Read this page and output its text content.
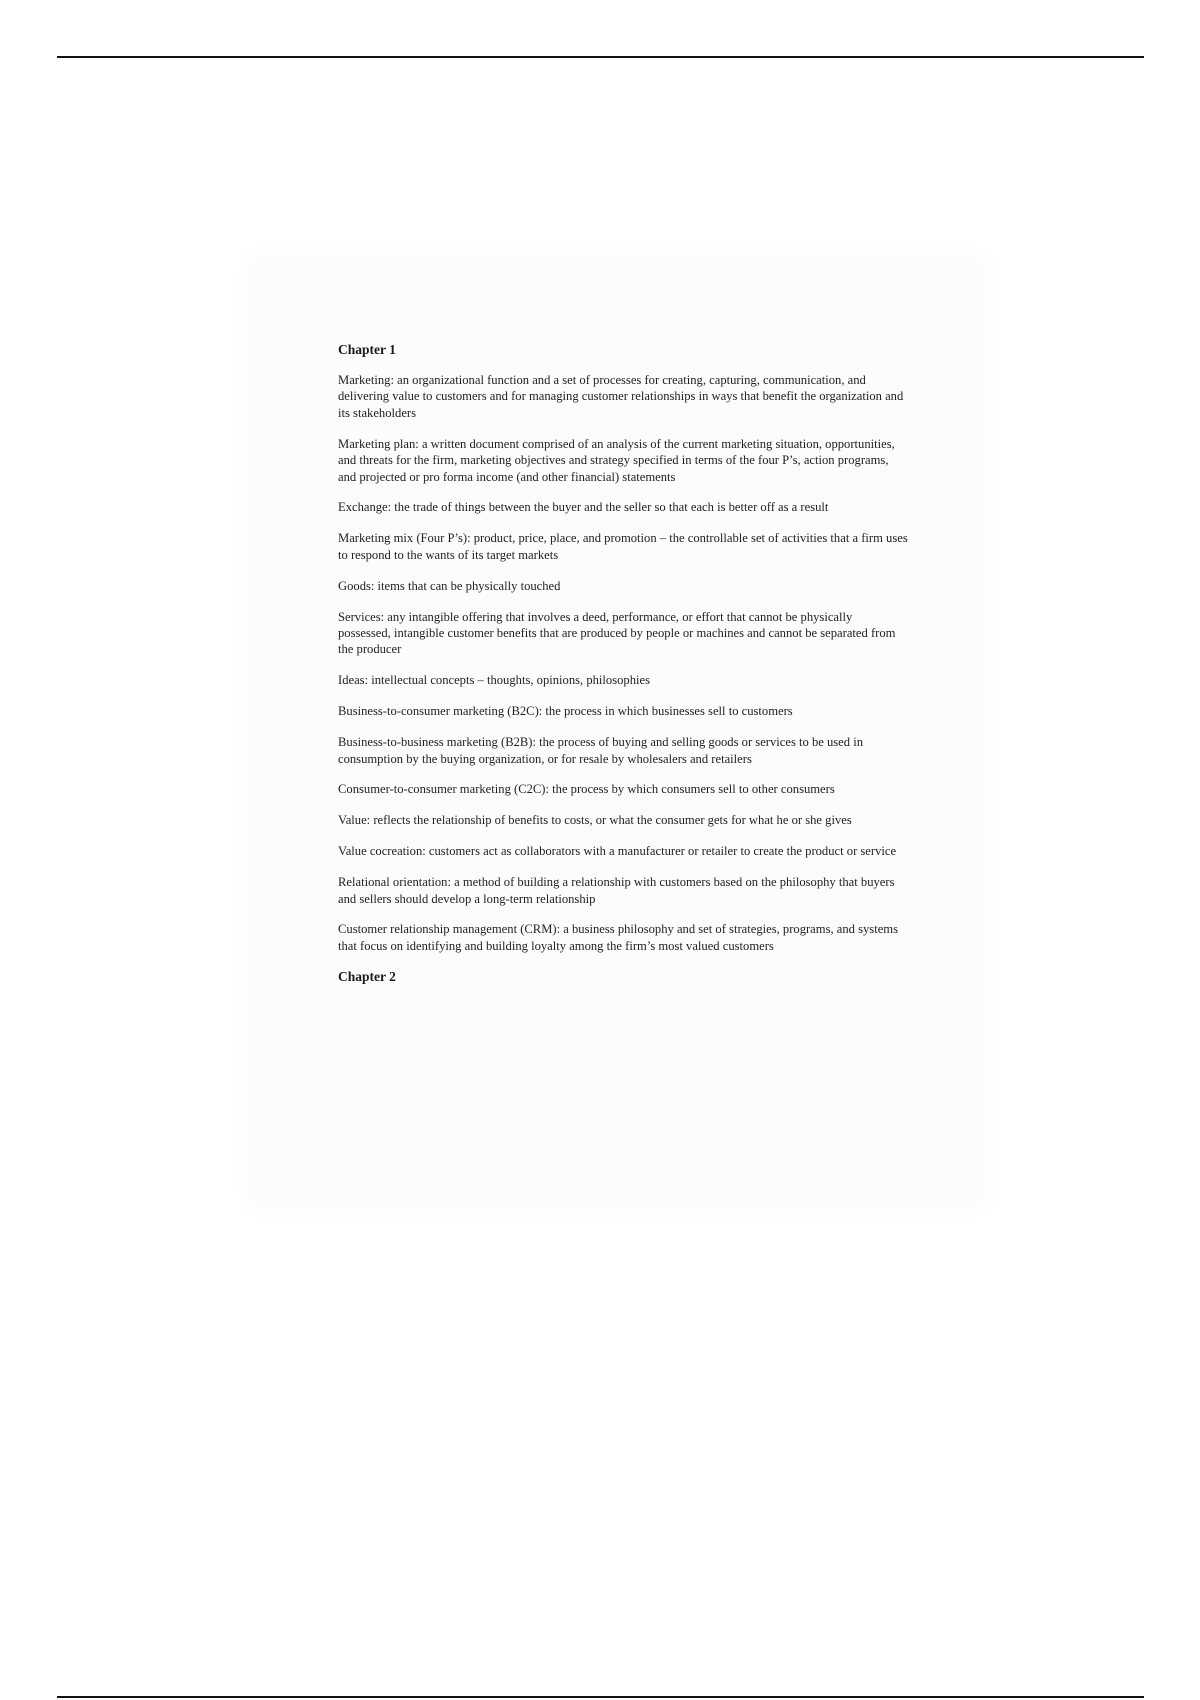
Chapter 1

Marketing: an organizational function and a set of processes for creating, capturing, communication, and delivering value to customers and for managing customer relationships in ways that benefit the organization and its stakeholders

Marketing plan: a written document comprised of an analysis of the current marketing situation, opportunities, and threats for the firm, marketing objectives and strategy specified in terms of the four P’s, action programs, and projected or pro forma income (and other financial) statements

Exchange: the trade of things between the buyer and the seller so that each is better off as a result

Marketing mix (Four P’s): product, price, place, and promotion – the controllable set of activities that a firm uses to respond to the wants of its target markets

Goods: items that can be physically touched

Services: any intangible offering that involves a deed, performance, or effort that cannot be physically possessed, intangible customer benefits that are produced by people or machines and cannot be separated from the producer

Ideas: intellectual concepts – thoughts, opinions, philosophies

Business-to-consumer marketing (B2C): the process in which businesses sell to customers

Business-to-business marketing (B2B): the process of buying and selling goods or services to be used in consumption by the buying organization, or for resale by wholesalers and retailers

Consumer-to-consumer marketing (C2C): the process by which consumers sell to other consumers

Value: reflects the relationship of benefits to costs, or what the consumer gets for what he or she gives

Value cocreation: customers act as collaborators with a manufacturer or retailer to create the product or service

Relational orientation: a method of building a relationship with customers based on the philosophy that buyers and sellers should develop a long-term relationship

Customer relationship management (CRM): a business philosophy and set of strategies, programs, and systems that focus on identifying and building loyalty among the firm’s most valued customers

Chapter 2
